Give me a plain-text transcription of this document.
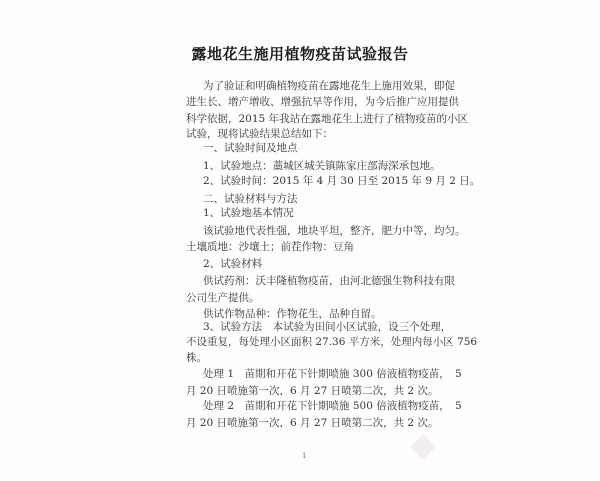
露地花生施用植物疫苗试验报告
为了验证和明确植物疫苗在露地花生上施用效果，即促
进生长、增产增收、增强抗旱等作用，为今后推广应用提供
科学依据，2015 年我站在露地花生上进行了植物疫苗的小区
试验，现将试验结果总结如下：
一、试验时间及地点
1、试验地点：藁城区城关镇陈家庄部海深承包地。
2、试验时间：2015 年 4 月 30 日至 2015 年 9 月 2 日。
二、试验材料与方法
1、试验地基本情况
该试验地代表性强，地块平坦，整齐，肥力中等，均匀。
土壤质地：沙壤土；前茬作物：豆角
2、试验材料
供试药剂：沃丰隆植物疫苗，由河北德强生物科技有限
公司生产提供。
供试作物品种：作物花生，品种自留。
3、试验方法　本试验为田间小区试验，设三个处理，
不设重复，每处理小区面积 27.36 平方米，处理内每小区 756
株。
处理 1　苗期和开花下针期喷施 300 倍液植物疫苗，　5
月 20 日喷施第一次，6 月 27 日喷第二次，共 2 次。
处理 2　苗期和开花下针期喷施 500 倍液植物疫苗，　5
月 20 日喷施第一次，6 月 27 日喷第二次，共 2 次。
1
